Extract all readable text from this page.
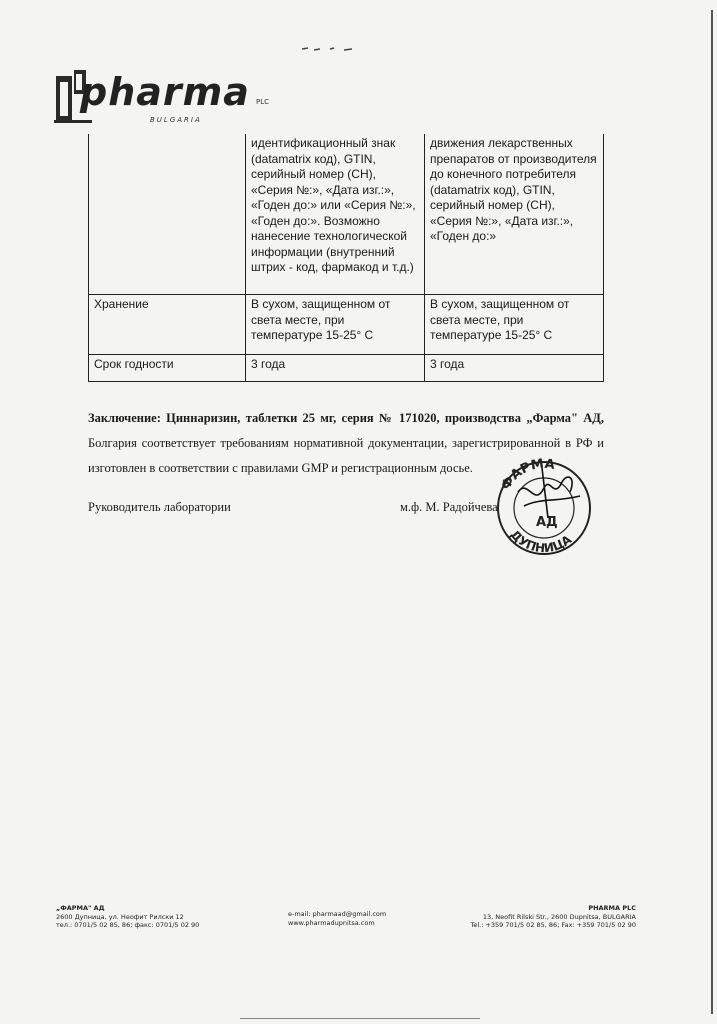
pharma PLC
BULGARIA
	идентификационный знак (datamatrix код), GTIN, серийный номер (СН), «Серия №:», «Дата изг.:», «Годен до:» или «Серия №:», «Годен до:». Возможно нанесение технологической информации (внутренний штрих - код, фармакод и т.д.)	движения лекарственных препаратов от производителя до конечного потребителя (datamatrix код), GTIN, серийный номер (СН), «Серия №:», «Дата изг.:», «Годен до:»
Хранение	В сухом, защищенном от света месте, при температуре 15-25° С	В сухом, защищенном от света месте, при температуре 15-25° С
Срок годности	3 года	3 года
Заключение: Циннаризин, таблетки 25 мг, серия № 171020, производства „Фарма" АД, Болгария соответствует требованиям нормативной документации, зарегистрированной в РФ и изготовлен в соответствии с правилами GMP и регистрационным досье.
Руководитель лаборатории	м.ф. М. Радойчева
ФАРМА
ДУПНИЦА
АД
„ФАРМА" АД
2600 Дупница, ул. Неофит Рилски 12
тел.: 0701/5 02 85, 86; факс: 0701/5 02 90
e-mail: pharmaad@gmail.com
www.pharmadupnitsa.com
PHARMA PLC
13, Neofit Rilski Str., 2600 Dupnitsa, BULGARIA
Tel.: +359 701/5 02 85, 86; Fax: +359 701/5 02 90
